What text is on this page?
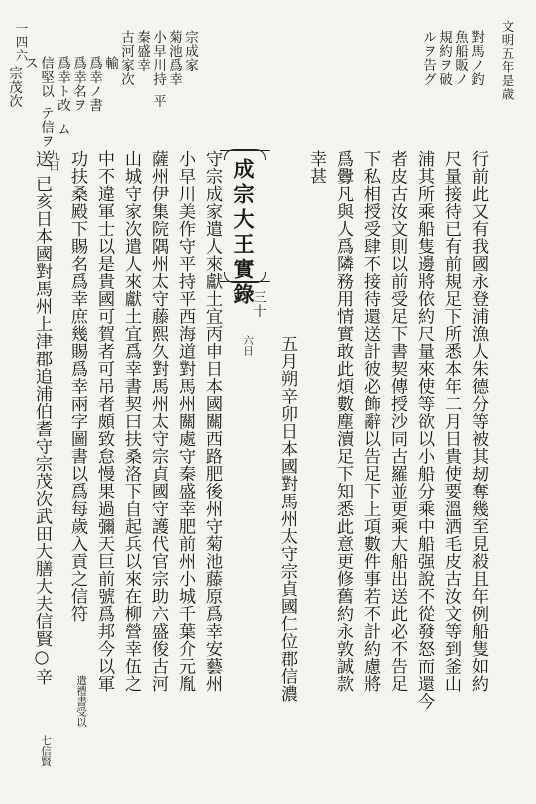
文明五年是歳
一四六	對馬ノ釣
魚船販ノ
規約ヲ破
ルヲ告グ
行前此又有我國永登浦漁人朱德分等被其刼奪幾至見殺且年例船隻如約
尺量接待已有前規足下所悉本年二月日貴使要溫洒毛皮古汝文等到釜山
浦其所乘船隻邊將依約尺量來使等欲以小船分乘中船强說不從發怒而還今
者皮古汝文則以前受足下書契傳授沙同古羅並更乘大船出送此必不告足
下私相授受肆不接待還送計彼必飾辭以告足下上項數件事若不計約慮將
爲釁凡與人爲隣務用情實敢此煩數塵瀆足下知悉此意更修舊約永敦誠款
幸甚
成宗大王實錄
三十
五月朔辛卯日本國對馬州太守宗貞國仁位郡信濃
六日
守宗成家遣人來獻土宜丙申日本國關西路肥後州守菊池藤原爲幸安藝州
小早川美作守平持平西海道對馬州關處守秦盛幸肥前州小城千葉介元胤
薩州伊集院隅州太守藤熙久對馬州太守宗貞國守護代官宗助六盛俊古河
山城守家次遣人來獻土宜爲幸書契曰扶桑洛下自起兵以來在柳營幸伍之
中不違軍士以是貴國可賀者可吊者頗致怠慢果過彌天巨前號爲邦今以軍
功扶桑殿下賜名爲幸庶幾賜爲幸兩字圖書以爲每歲入貢之信符
遣禮書受以
七信賢
九日
送
已亥日本國對馬州上津郡追浦伯耆守宗茂次武田大膳大夫信賢○辛
宗成家
菊池爲幸
小早川持
平
秦盛幸
古河家次
輸
爲幸ノ書
爲幸名ヲ
爲幸ト改
ム
信堅以
テ信ヲ
ス
宗茂次
